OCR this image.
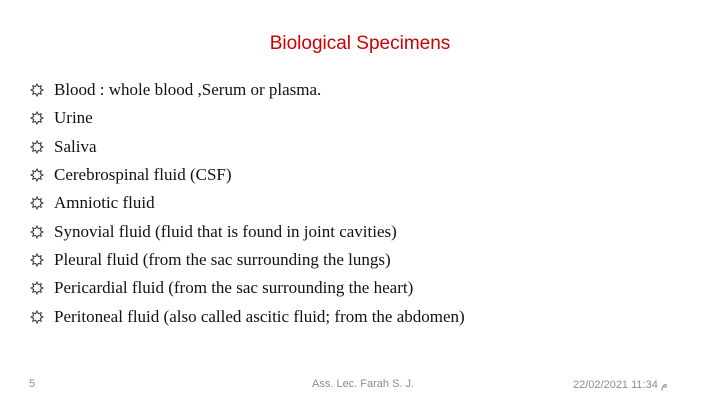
Biological Specimens
Blood : whole blood ,Serum or plasma.
Urine
Saliva
Cerebrospinal fluid (CSF)
Amniotic fluid
Synovial fluid (fluid that is found in joint cavities)
Pleural fluid (from the sac surrounding the lungs)
Pericardial fluid (from the sac surrounding the heart)
Peritoneal fluid (also called ascitic fluid; from the abdomen)
5	Ass. Lec. Farah S. J.	م 11:34 22/02/2021
